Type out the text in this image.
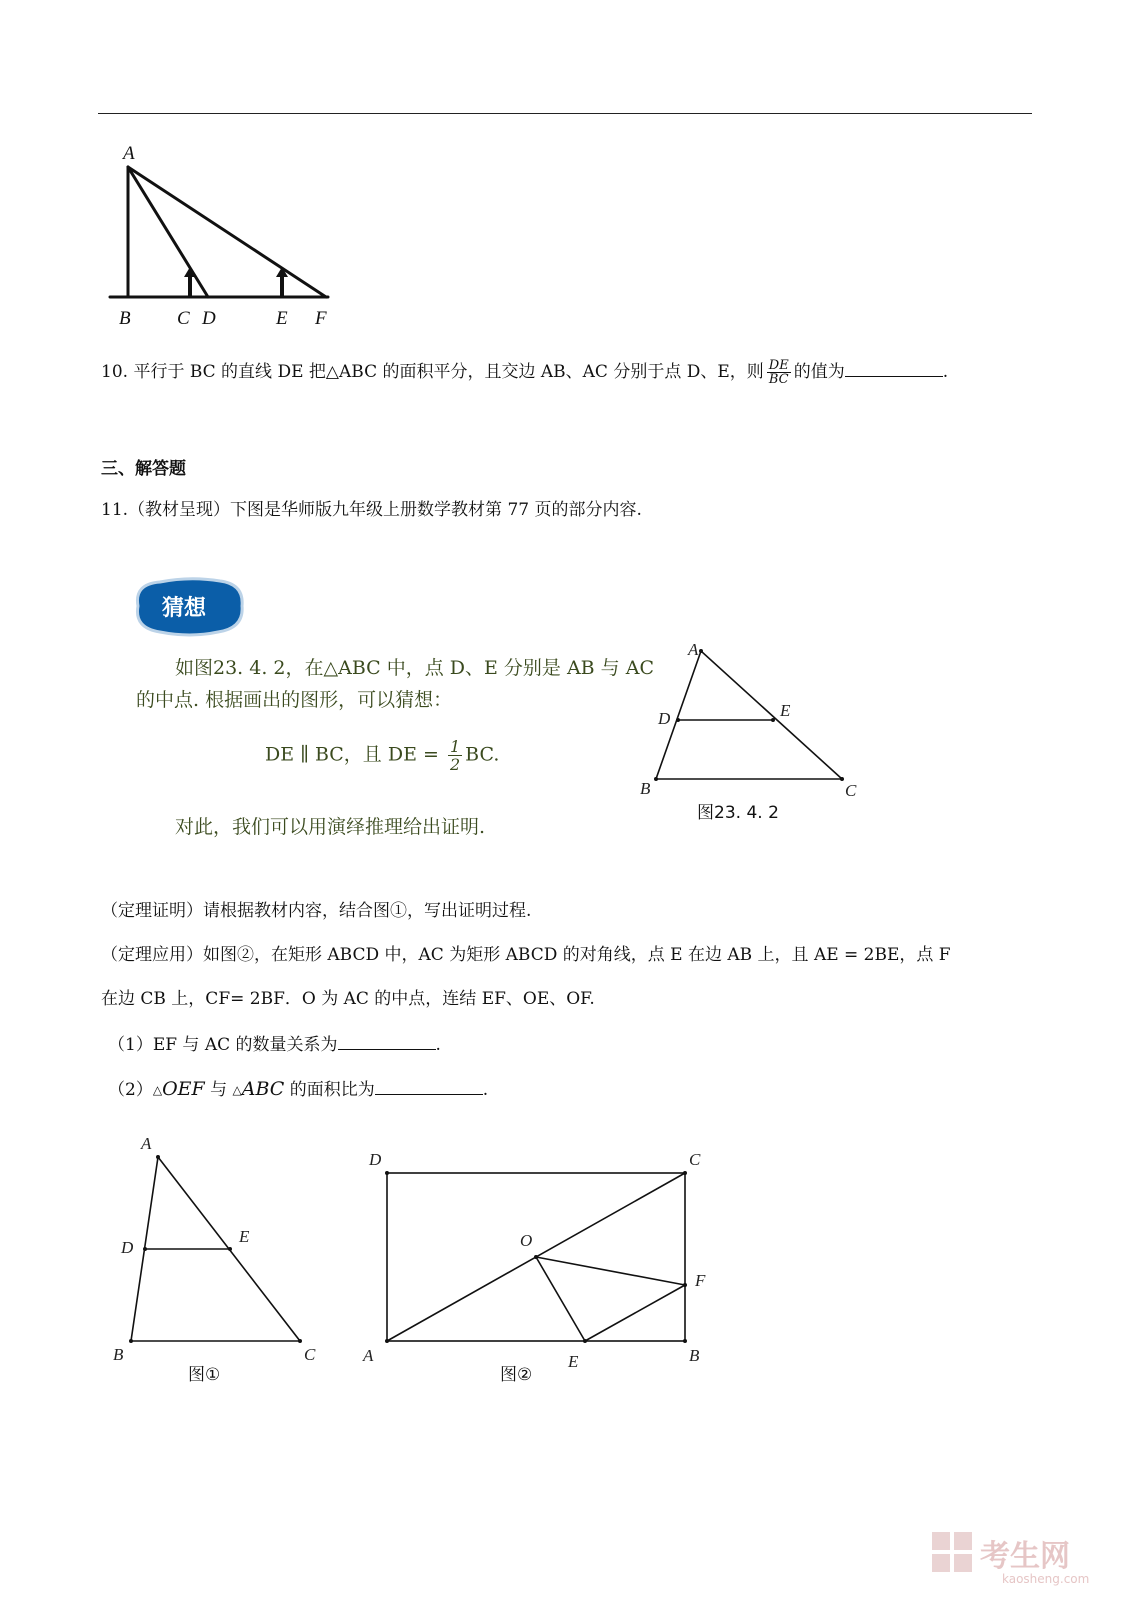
A
B C D	E F
10. 平行于 BC 的直线 DE 把△ABC 的面积平分，且交边 AB、AC 分别于点 D、E，则 $\frac{DE}{BC}$ 的值为	.
三、解答题
11.（教材呈现）下图是华师版九年级上册数学教材第 77 页的部分内容.
猜想
如图23. 4. 2，在△ABC 中，点 D、E 分别是 AB 与 AC
的中点. 根据画出的图形，可以猜想：
DE ∥ BC，且 DE = $\frac{1}{2}$ BC.
对此，我们可以用演绎推理给出证明.
A
B	C
D	E
图23. 4. 2
（定理证明）请根据教材内容，结合图①，写出证明过程.
（定理应用）如图②，在矩形 ABCD 中，AC 为矩形 ABCD 的对角线，点 E 在边 AB 上，且 AE = 2BE，点 F
在边 CB 上，CF= 2BF．O 为 AC 的中点，连结 EF、OE、OF.
（1）EF 与 AC 的数量关系为	.
（2）△OEF 与 △ABC 的面积比为	.
A
B	C
D
E
图①
D	C
A	B
O
F
E
图②
考生网
kaosheng.com
